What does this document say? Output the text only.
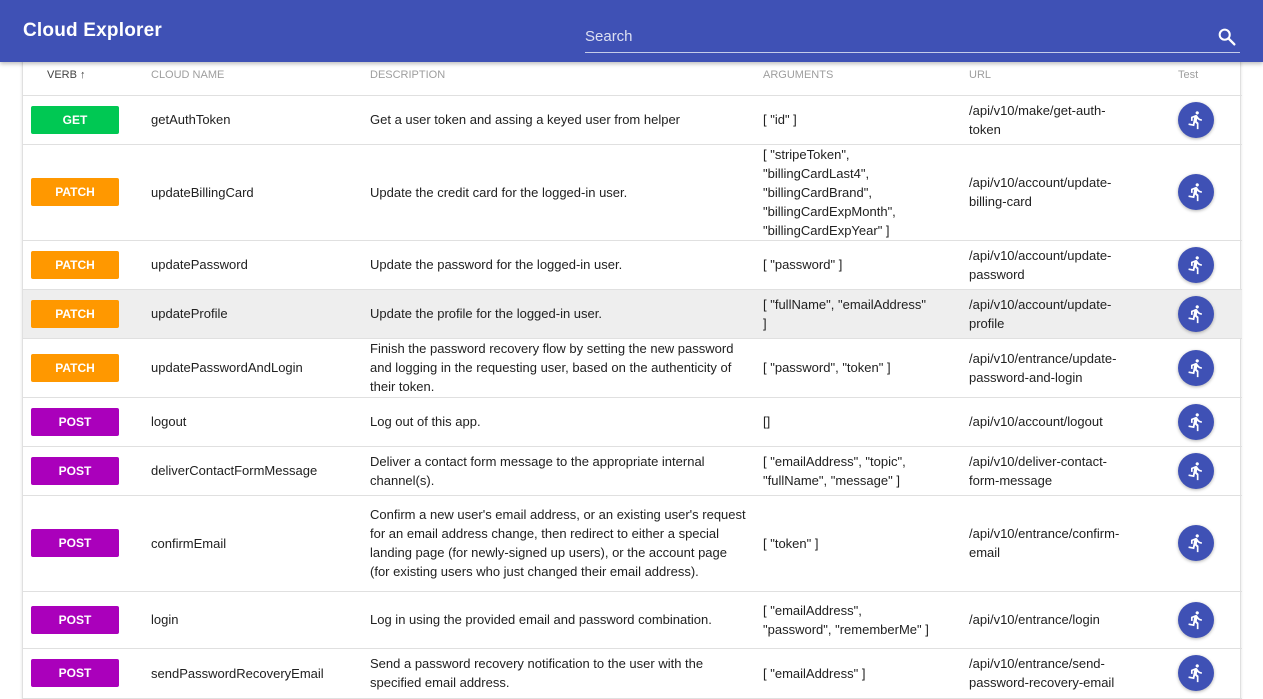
Cloud Explorer
Search
VERB ↑	CLOUD NAME	DESCRIPTION	ARGUMENTS	URL	Test
GET	getAuthToken	Get a user token and assing a keyed user from helper	[ "id" ]	/api/v10/make/get-auth-token	

PATCH	updateBillingCard	Update the credit card for the logged-in user.	[ "stripeToken", "billingCardLast4", "billingCardBrand", "billingCardExpMonth", "billingCardExpYear" ]	/api/v10/account/update-billing-card	

PATCH	updatePassword	Update the password for the logged-in user.	[ "password" ]	/api/v10/account/update-password	

PATCH	updateProfile	Update the profile for the logged-in user.	[ "fullName", "emailAddress" ]	/api/v10/account/update-profile	

PATCH	updatePasswordAndLogin	Finish the password recovery flow by setting the new password and logging in the requesting user, based on the authenticity of their token.	[ "password", "token" ]	/api/v10/entrance/update-password-and-login	

POST	logout	Log out of this app.	[]	/api/v10/account/logout	

POST	deliverContactFormMessage	Deliver a contact form message to the appropriate internal channel(s).	[ "emailAddress", "topic", "fullName", "message" ]	/api/v10/deliver-contact-form-message	

POST	confirmEmail	Confirm a new user's email address, or an existing user's request for an email address change, then redirect to either a special landing page (for newly-signed up users), or the account page (for existing users who just changed their email address).	[ "token" ]	/api/v10/entrance/confirm-email	

POST	login	Log in using the provided email and password combination.	[ "emailAddress", "password", "rememberMe" ]	/api/v10/entrance/login	

POST	sendPasswordRecoveryEmail	Send a password recovery notification to the user with the specified email address.	[ "emailAddress" ]	/api/v10/entrance/send-password-recovery-email	
